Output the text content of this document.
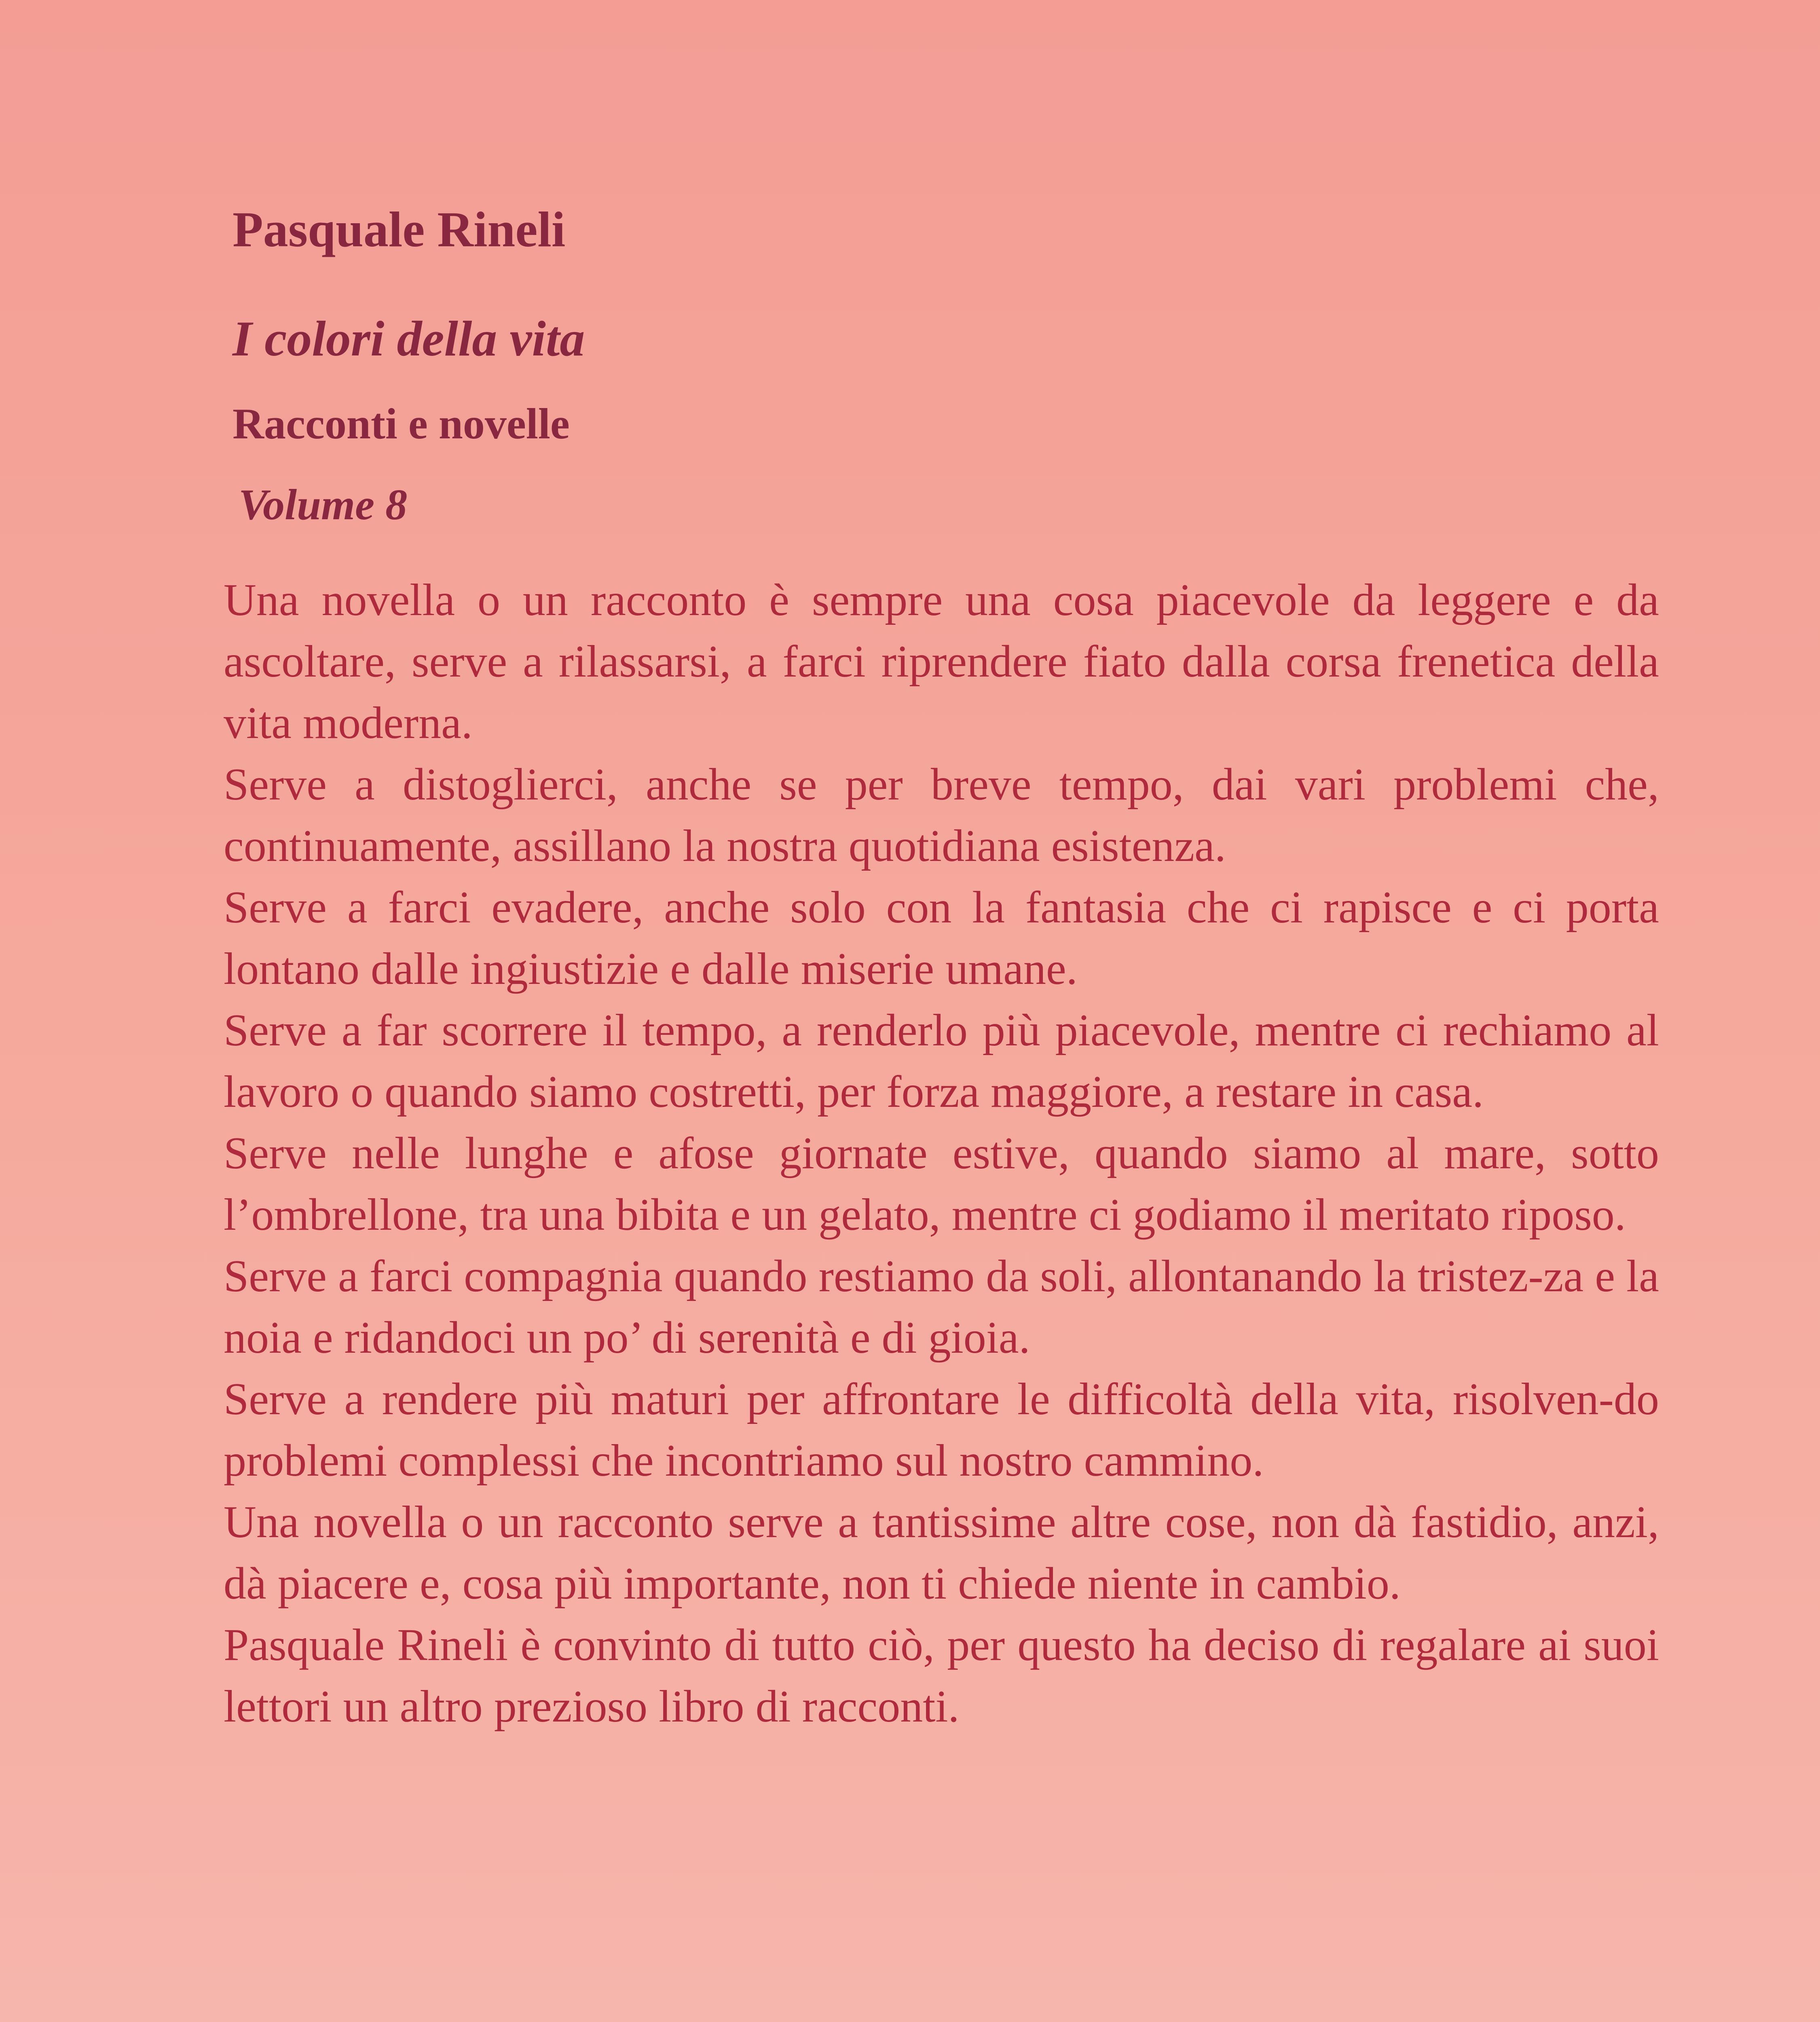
Pasquale Rineli
I colori della vita
Racconti e novelle
Volume 8

Una novella o un racconto è sempre una cosa piacevole da leggere e da ascoltare, serve a rilassarsi, a farci riprendere fiato dalla corsa frenetica della vita moderna.

Serve a distoglierci, anche se per breve tempo, dai vari problemi che, continuamente, assillano la nostra quotidiana esistenza.

Serve a farci evadere, anche solo con la fantasia che ci rapisce e ci porta lontano dalle ingiustizie e dalle miserie umane.

Serve a far scorrere il tempo, a renderlo più piacevole, mentre ci rechiamo al lavoro o quando siamo costretti, per forza maggiore, a restare in casa.

Serve nelle lunghe e afose giornate estive, quando siamo al mare, sotto l’ombrellone, tra una bibita e un gelato, mentre ci godiamo il meritato riposo.

Serve a farci compagnia quando restiamo da soli, allontanando la tristez-za e la noia e ridandoci un po’ di serenità e di gioia.

Serve a rendere più maturi per affrontare le difficoltà della vita, risolven-do problemi complessi che incontriamo sul nostro cammino.

Una novella o un racconto serve a tantissime altre cose, non dà fastidio, anzi, dà piacere e, cosa più importante, non ti chiede niente in cambio.

Pasquale Rineli è convinto di tutto ciò, per questo ha deciso di regalare ai suoi lettori un altro prezioso libro di racconti.
